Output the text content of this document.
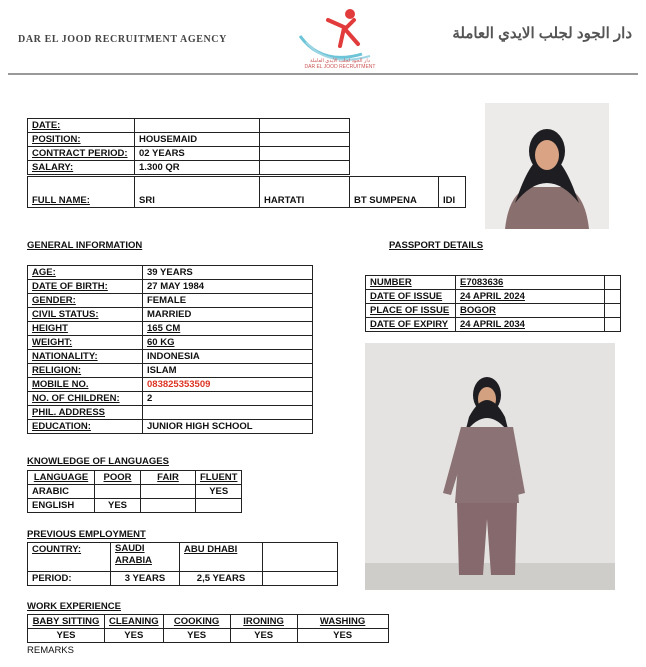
DAR EL JOOD RECRUITMENT AGENCY
دار الجود لجلب الأيدي العاملة
DAR EL JOOD RECRUITMENT
دار الجود لجلب الايدي العاملة
DATE:		
POSITION:	HOUSEMAID	
CONTRACT PERIOD:	02 YEARS	
SALARY:	1.300 QR	
FULL NAME:	SRI	HARTATI	BT SUMPENA	IDI
GENERAL INFORMATION
AGE:	39 YEARS
DATE OF BIRTH:	27 MAY 1984
GENDER:	FEMALE
CIVIL STATUS:	MARRIED
HEIGHT	165 CM
WEIGHT:	60 KG
NATIONALITY:	INDONESIA
RELIGION:	ISLAM
MOBILE NO.	083825353509
NO. OF CHILDREN:	2
PHIL. ADDRESS	
EDUCATION:	JUNIOR HIGH SCHOOL
PASSPORT DETAILS
NUMBER	E7083636	
DATE OF ISSUE	24 APRIL 2024	
PLACE OF ISSUE	BOGOR	
DATE OF EXPIRY	24 APRIL 2034	
KNOWLEDGE OF LANGUAGES
LANGUAGE	POOR	FAIR	FLUENT
ARABIC			YES
ENGLISH	YES		
PREVIOUS EMPLOYMENT
COUNTRY:	SAUDI ARABIA	ABU DHABI	
PERIOD:	3 YEARS	2,5 YEARS	
WORK EXPERIENCE
BABY SITTING	CLEANING	COOKING	IRONING	WASHING
YES	YES	YES	YES	YES
REMARKS
